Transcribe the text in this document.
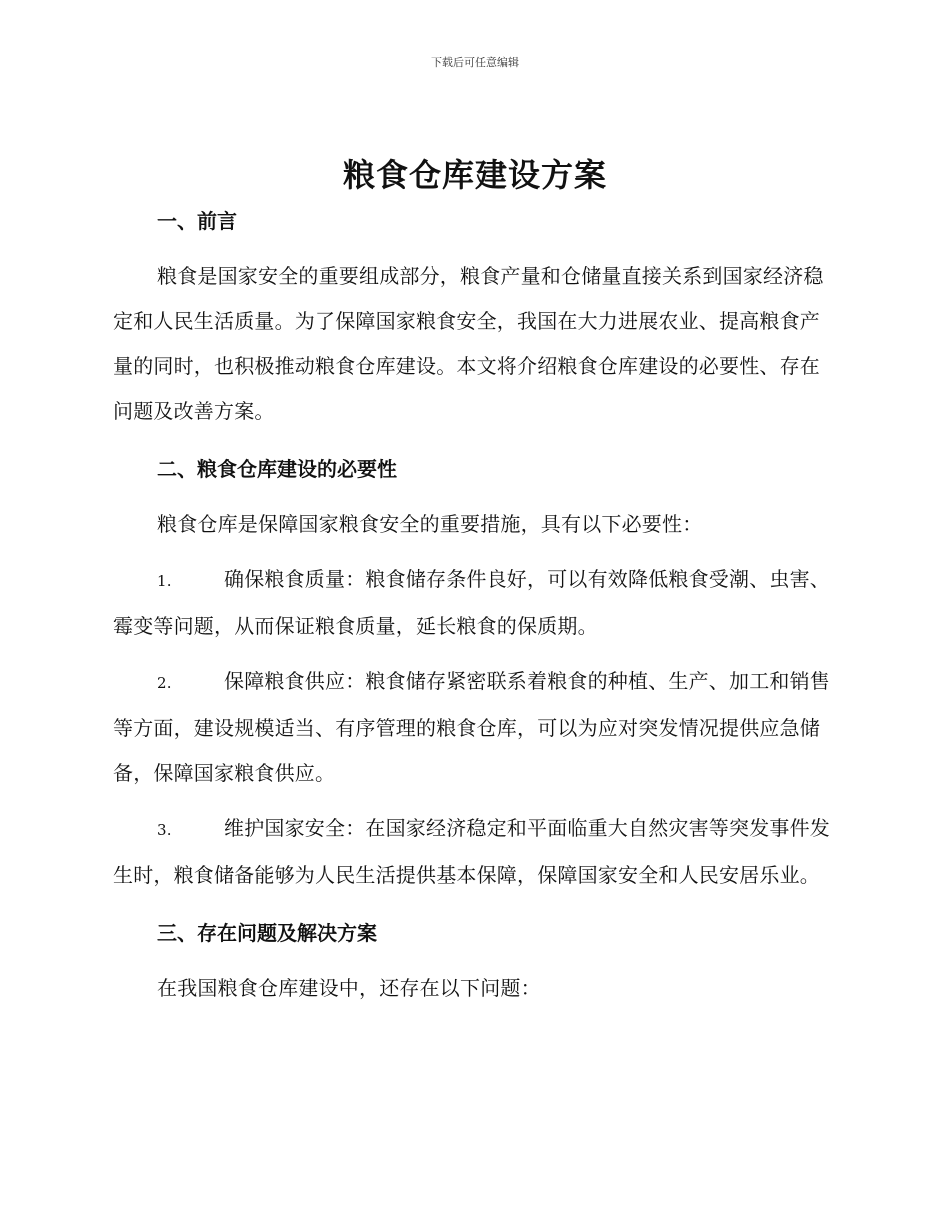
下载后可任意编辑
粮食仓库建设方案

一、前言

粮食是国家安全的重要组成部分，粮食产量和仓储量直接关系到国家经济稳定和人民生活质量。为了保障国家粮食安全，我国在大力进展农业、提高粮食产量的同时，也积极推动粮食仓库建设。本文将介绍粮食仓库建设的必要性、存在问题及改善方案。

二、粮食仓库建设的必要性

粮食仓库是保障国家粮食安全的重要措施，具有以下必要性：

1.	确保粮食质量：粮食储存条件良好，可以有效降低粮食受潮、虫害、霉变等问题，从而保证粮食质量，延长粮食的保质期。

2.	保障粮食供应：粮食储存紧密联系着粮食的种植、生产、加工和销售等方面，建设规模适当、有序管理的粮食仓库，可以为应对突发情况提供应急储备，保障国家粮食供应。

3.	维护国家安全：在国家经济稳定和平面临重大自然灾害等突发事件发生时，粮食储备能够为人民生活提供基本保障，保障国家安全和人民安居乐业。

三、存在问题及解决方案

在我国粮食仓库建设中，还存在以下问题：
